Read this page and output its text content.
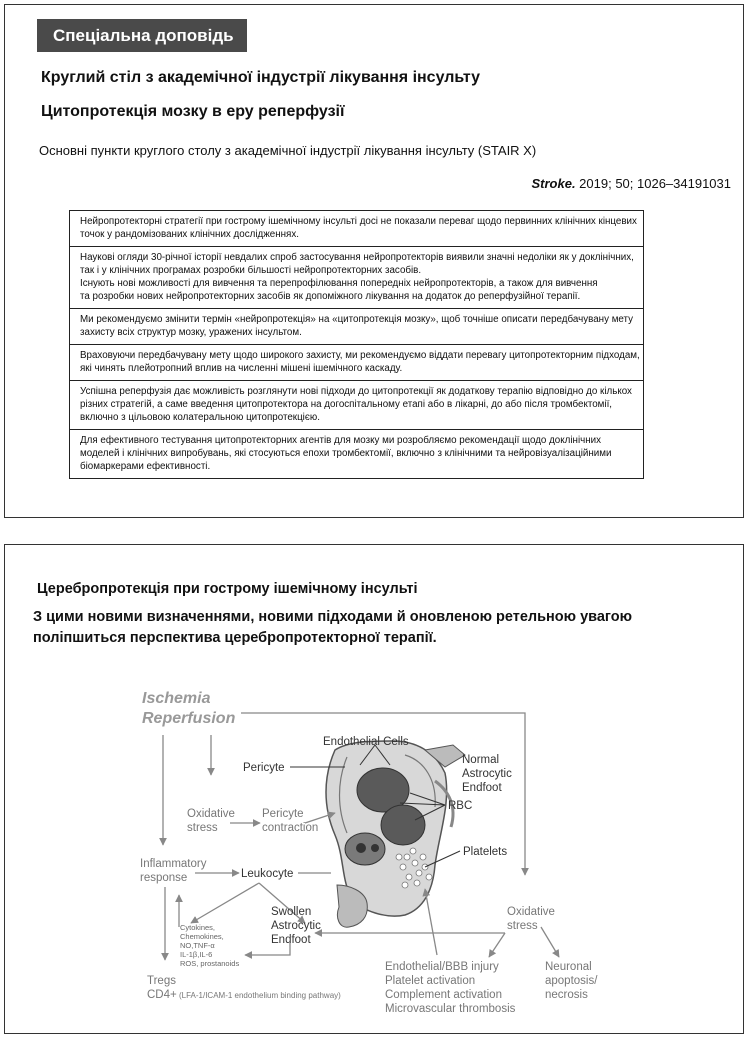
Спеціальна доповідь
Круглий стіл з академічної індустрії лікування інсульту
Цитопротекція мозку в еру реперфузії
Основні пункти круглого столу з академічної індустрії лікування інсульту (STAIR X)
Stroke. 2019; 50; 1026–34191031
Нейропротекторні стратегії при гострому ішемічному інсульті досі не показали переваг щодо первинних клінічних кінцевих
точок у рандомізованих клінічних дослідженнях.
Наукові огляди 30-річної історії невдалих спроб застосування нейропротекторів виявили значні недоліки як у доклінічних,
так і у клінічних програмах розробки більшості нейропротекторних засобів.
Існують нові можливості для вивчення та перепрофілювання попередніх нейропротекторів, а також для вивчення
та розробки нових нейропротекторних засобів як допоміжного лікування на додаток до реперфузійної терапії.
Ми рекомендуємо змінити термін «нейропротекція» на «цитопротекція мозку», щоб точніше описати передбачувану мету
захисту всіх структур мозку, уражених інсультом.
Враховуючи передбачувану мету щодо широкого захисту, ми рекомендуємо віддати перевагу цитопротекторним підходам,
які чинять плейотропний вплив на численні мішені ішемічного каскаду.
Успішна реперфузія дає можливість розглянути нові підходи до цитопротекції як додаткову терапію відповідно до кількох
різних стратегій, а саме введення цитопротектора на догоспітальному етапі або в лікарні, до або після тромбектомії,
включно з цільовою колатеральною цитопротекцією.
Для ефективного тестування цитопротекторних агентів для мозку ми розробляємо рекомендації щодо доклінічних
моделей і клінічних випробувань, які стосуються епохи тромбектомії, включно з клінічними та нейровізуалізаційними
біомаркерами ефективності.
Церебропротекція при гострому ішемічному інсульті
З цими новими визначеннями, новими підходами й оновленою ретельною увагою
поліпшиться перспектива церебропротекторної терапії.
Ischemia
Reperfusion
Endothelial Cells
Normal
Astrocytic
Endfoot
Pericyte
Oxidative
stress
Pericyte
contraction
RBC
Inflammatory
response	Leukocyte
Platelets
Swollen
Astrocytic
Endfoot
Oxidative
stress
Cytokines,
Chemokines,
NO,TNF-α
IL-1β,IL-6
ROS, prostanoids	Endothelial/BBB injury
Platelet activation
Complement activation
Microvascular thrombosis
Neuronal
apoptosis/
necrosis
Tregs
CD4+ (LFA-1/ICAM-1 endothelium binding pathway)
